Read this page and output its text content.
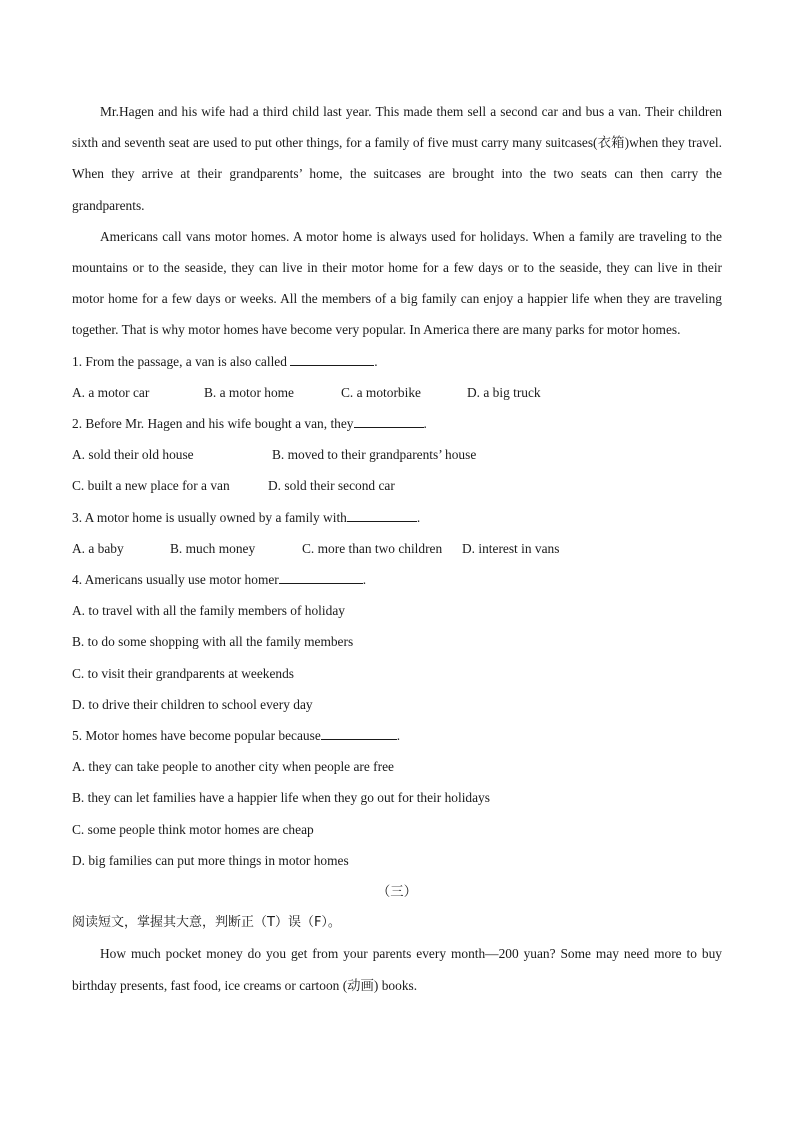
Mr.Hagen and his wife had a third child last year. This made them sell a second car and bus a van. Their children sixth and seventh seat are used to put other things, for a family of five must carry many suitcases(衣箱)when they travel. When they arrive at their grandparents’ home, the suitcases are brought into the two seats can then carry the grandparents.

Americans call vans motor homes. A motor home is always used for holidays. When a family are traveling to the mountains or to the seaside, they can live in their motor home for a few days or to the seaside, they can live in their motor home for a few days or weeks. All the members of a big family can enjoy a happier life when they are traveling together. That is why motor homes have become very popular. In America there are many parks for motor homes.

1. From the passage, a van is also called	.
A. a motor car	B. a motor home	C. a motorbike	D. a big truck
2. Before Mr. Hagen and his wife bought a van, they	.
A. sold their old house	B. moved to their grandparents’ house
C. built a new place for a van	D. sold their second car
3. A motor home is usually owned by a family with	.
A. a baby	B. much money	C. more than two children	D. interest in vans
4. Americans usually use motor homer	.
A. to travel with all the family members of holiday
B. to do some shopping with all the family members
C. to visit their grandparents at weekends
D. to drive their children to school every day
5. Motor homes have become popular because	.
A. they can take people to another city when people are free
B. they can let families have a happier life when they go out for their holidays
C. some people think motor homes are cheap
D. big families can put more things in motor homes

（三）

阅读短文，掌握其大意，判断正（T）误（F）。

How much pocket money do you get from your parents every month—200 yuan? Some may need more to buy birthday presents, fast food, ice creams or cartoon (动画) books.
